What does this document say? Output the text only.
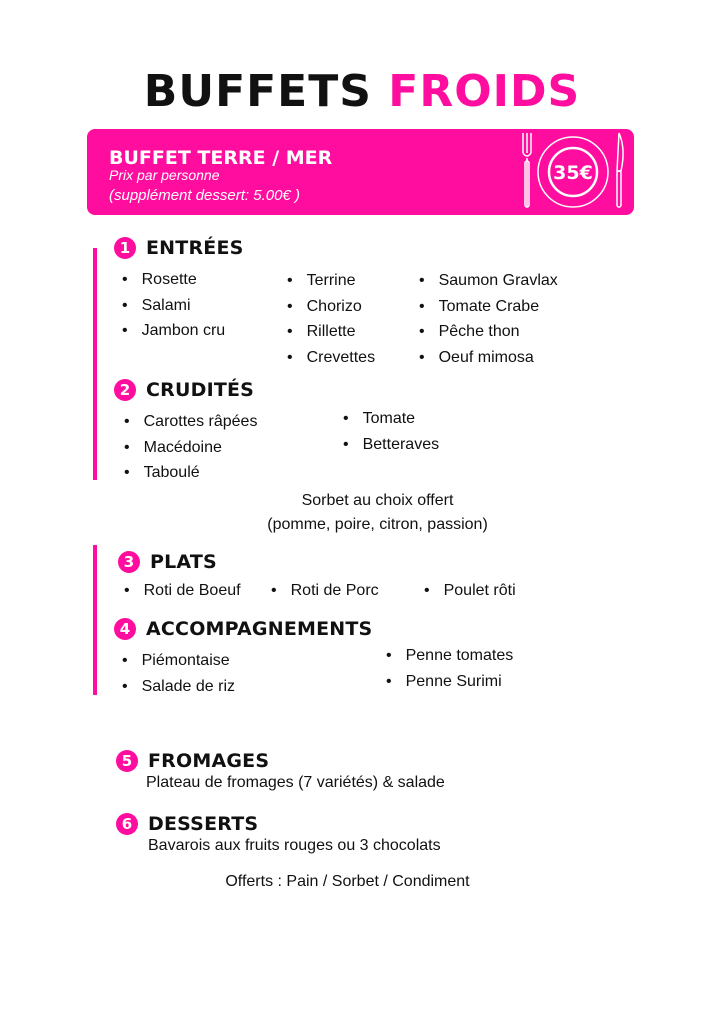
BUFFETS FROIDS
BUFFET TERRE / MER
Prix par personne
(supplément dessert: 5.00€ )
35€
1 ENTRÉES
• Rosette
• Salami
• Jambon cru
• Terrine
• Chorizo
• Rillette
• Crevettes
• Saumon Gravlax
• Tomate Crabe
• Pêche thon
• Oeuf mimosa
2 CRUDITÉS
• Carottes râpées
• Macédoine
• Taboulé
• Tomate
• Betteraves
Sorbet au choix offert
(pomme, poire, citron, passion)
3 PLATS
• Roti de Boeuf	• Roti de Porc	• Poulet rôti
4 ACCOMPAGNEMENTS
• Piémontaise
• Salade de riz
• Penne tomates
• Penne Surimi
5 FROMAGES
Plateau de fromages (7 variétés) & salade
6 DESSERTS
Bavarois aux fruits rouges ou 3 chocolats
Offerts : Pain / Sorbet / Condiment
